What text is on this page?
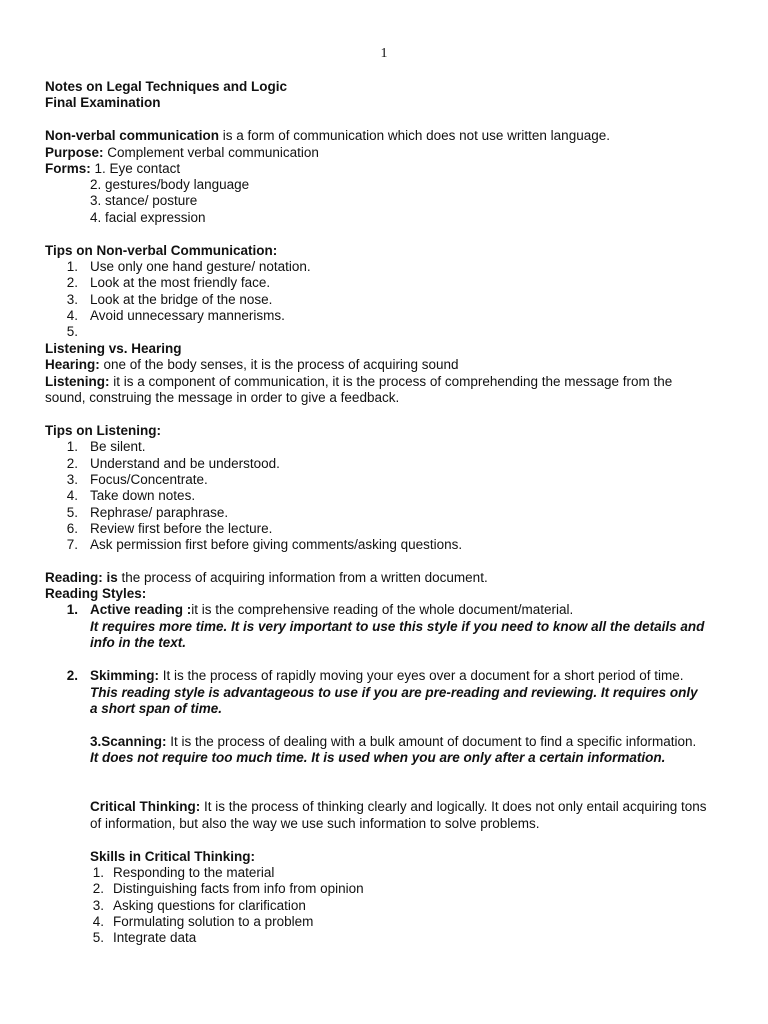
1
Notes on Legal Techniques and Logic
Final Examination
Non-verbal communication is a form of communication which does not use written language.
Purpose: Complement verbal communication
Forms: 1. Eye contact
2. gestures/body language
3. stance/ posture
4. facial expression
Tips on Non-verbal Communication:
1. Use only one hand gesture/ notation.
2. Look at the most friendly face.
3. Look at the bridge of the nose.
4. Avoid unnecessary mannerisms.
5.
Listening vs. Hearing
Hearing: one of the body senses, it is the process of acquiring sound
Listening: it is a component of communication, it is the process of comprehending the message from the
sound, construing the message in order to give a feedback.
Tips on Listening:
1. Be silent.
2. Understand and be understood.
3. Focus/Concentrate.
4. Take down notes.
5. Rephrase/ paraphrase.
6. Review first before the lecture.
7. Ask permission first before giving comments/asking questions.
Reading: is the process of acquiring information from a written document.
Reading Styles:
1. Active reading :it is the comprehensive reading of the whole document/material.
It requires more time. It is very important to use this style if you need to know all the details and
info in the text.
2. Skimming: It is the process of rapidly moving your eyes over a document for a short period of time.
This reading style is advantageous to use if you are pre-reading and reviewing. It requires only
a short span of time.
3.Scanning: It is the process of dealing with a bulk amount of document to find a specific information.
It does not require too much time. It is used when you are only after a certain information.
Critical Thinking: It is the process of thinking clearly and logically. It does not only entail acquiring tons
of information, but also the way we use such information to solve problems.
Skills in Critical Thinking:
1. Responding to the material
2. Distinguishing facts from info from opinion
3. Asking questions for clarification
4. Formulating solution to a problem
5. Integrate data
